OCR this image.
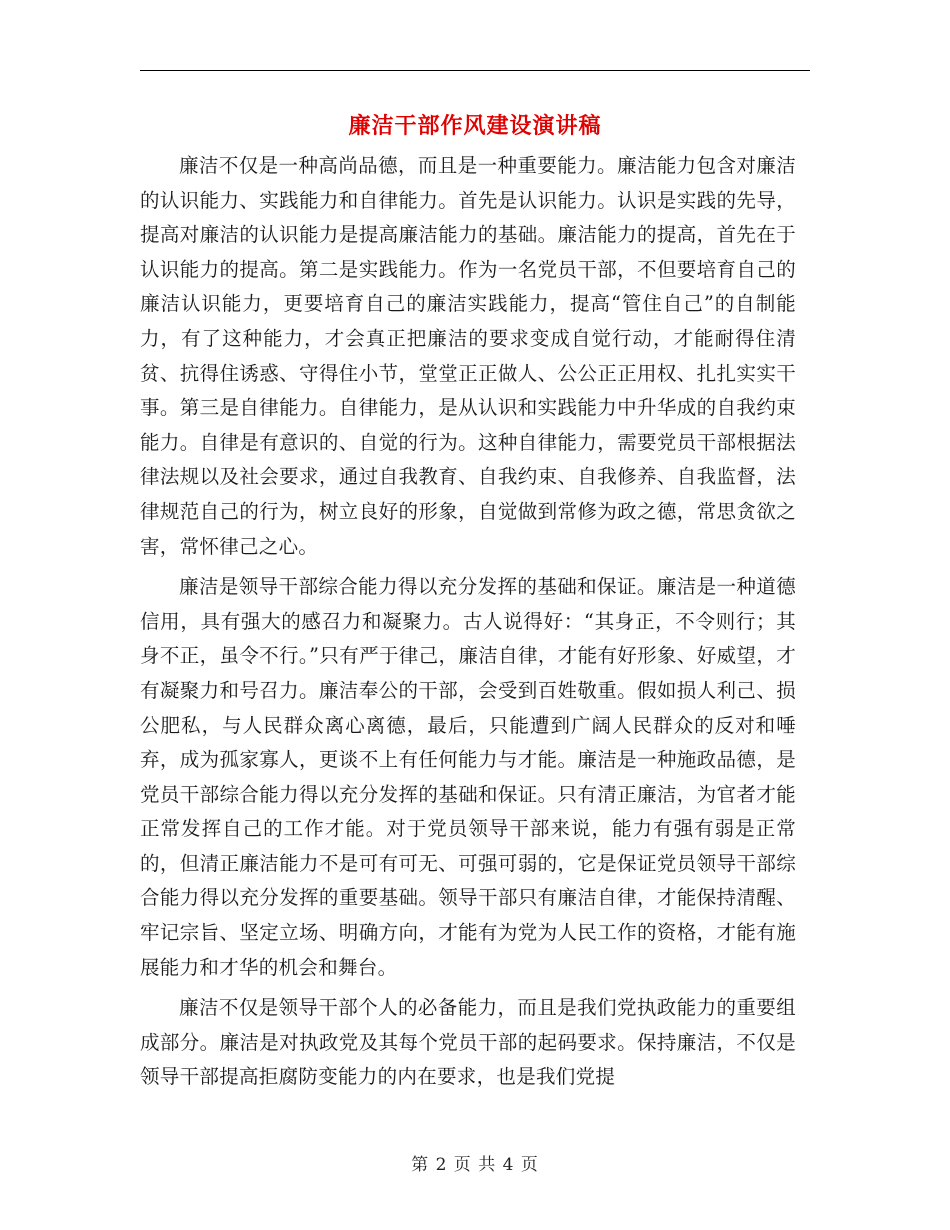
廉洁干部作风建设演讲稿

廉洁不仅是一种高尚品德，而且是一种重要能力。廉洁能力包含对廉洁的认识能力、实践能力和自律能力。首先是认识能力。认识是实践的先导，提高对廉洁的认识能力是提高廉洁能力的基础。廉洁能力的提高，首先在于认识能力的提高。第二是实践能力。作为一名党员干部，不但要培育自己的廉洁认识能力，更要培育自己的廉洁实践能力，提高“管住自己”的自制能力，有了这种能力，才会真正把廉洁的要求变成自觉行动，才能耐得住清贫、抗得住诱惑、守得住小节，堂堂正正做人、公公正正用权、扎扎实实干事。第三是自律能力。自律能力，是从认识和实践能力中升华成的自我约束能力。自律是有意识的、自觉的行为。这种自律能力，需要党员干部根据法律法规以及社会要求，通过自我教育、自我约束、自我修养、自我监督，法律规范自己的行为，树立良好的形象，自觉做到常修为政之德，常思贪欲之害，常怀律己之心。

廉洁是领导干部综合能力得以充分发挥的基础和保证。廉洁是一种道德信用，具有强大的感召力和凝聚力。古人说得好：“其身正，不令则行；其身不正，虽令不行。”只有严于律己，廉洁自律，才能有好形象、好威望，才有凝聚力和号召力。廉洁奉公的干部，会受到百姓敬重。假如损人利己、损公肥私，与人民群众离心离德，最后，只能遭到广阔人民群众的反对和唾弃，成为孤家寡人，更谈不上有任何能力与才能。廉洁是一种施政品德，是党员干部综合能力得以充分发挥的基础和保证。只有清正廉洁，为官者才能正常发挥自己的工作才能。对于党员领导干部来说，能力有强有弱是正常的，但清正廉洁能力不是可有可无、可强可弱的，它是保证党员领导干部综合能力得以充分发挥的重要基础。领导干部只有廉洁自律，才能保持清醒、牢记宗旨、坚定立场、明确方向，才能有为党为人民工作的资格，才能有施展能力和才华的机会和舞台。

廉洁不仅是领导干部个人的必备能力，而且是我们党执政能力的重要组成部分。廉洁是对执政党及其每个党员干部的起码要求。保持廉洁，不仅是领导干部提高拒腐防变能力的内在要求，也是我们党提

第 2 页 共 4 页
